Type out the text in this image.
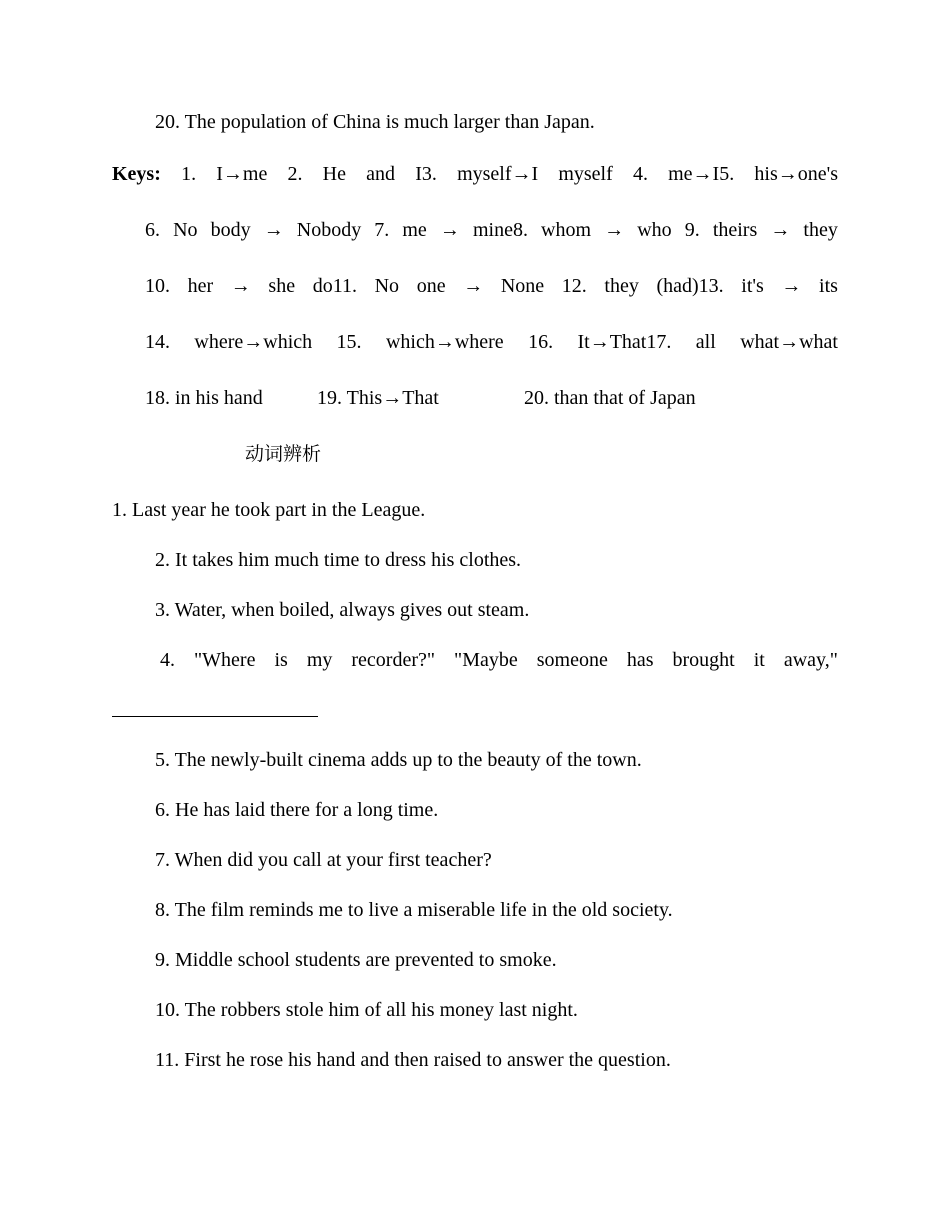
20. The population of China is much larger than Japan.
Keys: 1. I→me 2. He and I3. myself→I myself 4. me→I5. his→one's
6. No body → Nobody 7. me → mine8. whom → who 9. theirs → they
10. her → she do11. No one → None 12. they (had)13. it's → its
14. where→which 15. which→where 16. It→That17. all what→what
18. in his hand	19. This→That	20. than that of Japan
动词辨析
1. Last year he took part in the League.
2. It takes him much time to dress his clothes.
3. Water, when boiled, always gives out steam.
4. "Where is my recorder?" "Maybe someone has brought it away,"
5. The newly-built cinema adds up to the beauty of the town.
6. He has laid there for a long time.
7. When did you call at your first teacher?
8. The film reminds me to live a miserable life in the old society.
9. Middle school students are prevented to smoke.
10. The robbers stole him of all his money last night.
11. First he rose his hand and then raised to answer the question.
